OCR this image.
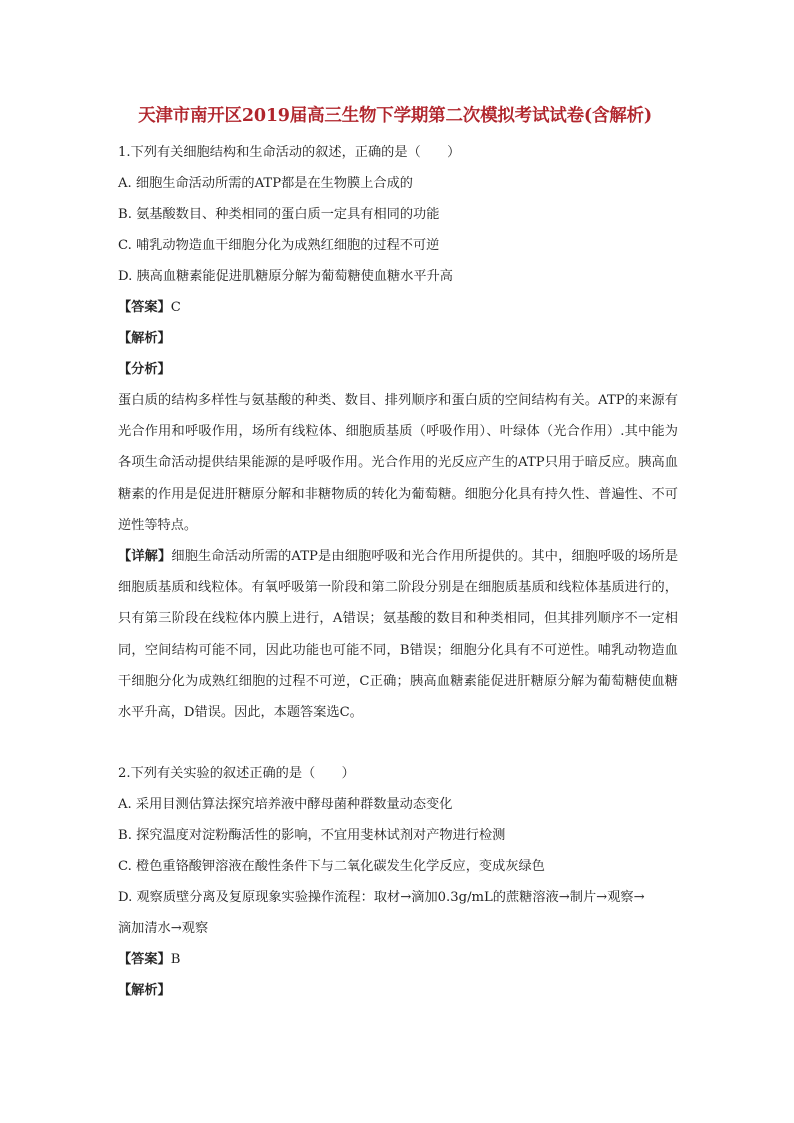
天津市南开区2019届高三生物下学期第二次模拟考试试卷(含解析)
1.下列有关细胞结构和生命活动的叙述，正确的是（　　）
A. 细胞生命活动所需的ATP都是在生物膜上合成的
B. 氨基酸数目、种类相同的蛋白质一定具有相同的功能
C. 哺乳动物造血干细胞分化为成熟红细胞的过程不可逆
D. 胰高血糖素能促进肌糖原分解为葡萄糖使血糖水平升高
【答案】C
【解析】
【分析】
蛋白质的结构多样性与氨基酸的种类、数目、排列顺序和蛋白质的空间结构有关。ATP的来源有光合作用和呼吸作用，场所有线粒体、细胞质基质（呼吸作用）、叶绿体（光合作用）.其中能为各项生命活动提供结果能源的是呼吸作用。光合作用的光反应产生的ATP只用于暗反应。胰高血糖素的作用是促进肝糖原分解和非糖物质的转化为葡萄糖。细胞分化具有持久性、普遍性、不可逆性等特点。
【详解】细胞生命活动所需的ATP是由细胞呼吸和光合作用所提供的。其中，细胞呼吸的场所是细胞质基质和线粒体。有氧呼吸第一阶段和第二阶段分别是在细胞质基质和线粒体基质进行的，只有第三阶段在线粒体内膜上进行，A错误；氨基酸的数目和种类相同，但其排列顺序不一定相同，空间结构可能不同，因此功能也可能不同，B错误；细胞分化具有不可逆性。哺乳动物造血干细胞分化为成熟红细胞的过程不可逆，C正确；胰高血糖素能促进肝糖原分解为葡萄糖使血糖水平升高，D错误。因此，本题答案选C。
2.下列有关实验的叙述正确的是（　　）
A. 采用目测估算法探究培养液中酵母菌种群数量动态变化
B. 探究温度对淀粉酶活性的影响，不宜用斐林试剂对产物进行检测
C. 橙色重铬酸钾溶液在酸性条件下与二氧化碳发生化学反应，变成灰绿色
D. 观察质壁分离及复原现象实验操作流程：取材→滴加0.3g/mL的蔗糖溶液→制片→观察→
滴加清水→观察
【答案】B
【解析】
